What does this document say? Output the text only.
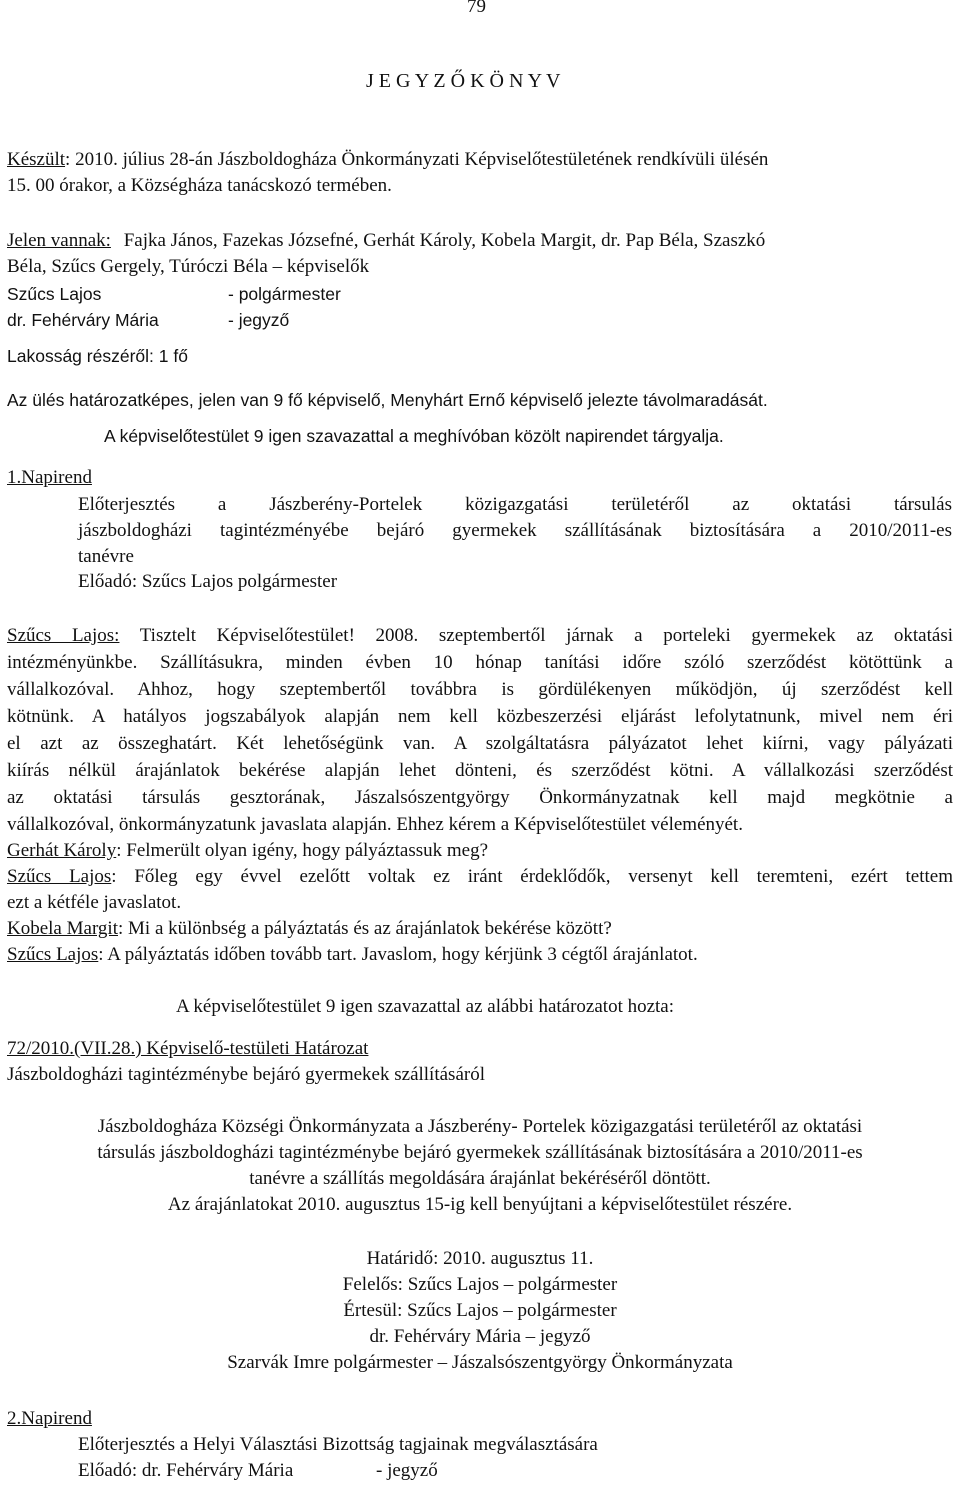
79
J E G Y Z Ő K Ö N Y V
Készült: 2010. július 28-án Jászboldogháza Önkormányzati Képviselőtestületének rendkívüli ülésén
15. 00 órakor, a Községháza tanácskozó termében.
Jelen vannak: Fajka János, Fazekas Józsefné, Gerhát Károly, Kobela Margit, dr. Pap Béla, Szaszkó
Béla, Szűcs Gergely, Túróczi Béla – képviselők
Szűcs Lajos	- polgármester
dr. Fehérváry Mária	- jegyző
Lakosság részéről: 1 fő
Az ülés határozatképes, jelen van 9 fő képviselő, Menyhárt Ernő képviselő jelezte távolmaradását.
A képviselőtestület 9 igen szavazattal a meghívóban közölt napirendet tárgyalja.
1.Napirend
Előterjesztés a Jászberény-Portelek közigazgatási területéről az oktatási társulás
jászboldogházi tagintézményébe bejáró gyermekek szállításának biztosítására a 2010/2011-es
tanévre
Előadó: Szűcs Lajos polgármester
Szűcs Lajos: Tisztelt Képviselőtestület! 2008. szeptembertől járnak a porteleki gyermekek az oktatási
intézményünkbe. Szállításukra, minden évben 10 hónap tanítási időre szóló szerződést kötöttünk a
vállalkozóval. Ahhoz, hogy szeptembertől továbbra is gördülékenyen működjön, új szerződést kell
kötnünk. A hatályos jogszabályok alapján nem kell közbeszerzési eljárást lefolytatnunk, mivel nem éri
el azt az összeghatárt. Két lehetőségünk van. A szolgáltatásra pályázatot lehet kiírni, vagy pályázati
kiírás nélkül árajánlatok bekérése alapján lehet dönteni, és szerződést kötni. A vállalkozási szerződést
az oktatási társulás gesztorának, Jászalsószentgyörgy Önkormányzatnak kell majd megkötnie a
vállalkozóval, önkormányzatunk javaslata alapján. Ehhez kérem a Képviselőtestület véleményét.
Gerhát Károly: Felmerült olyan igény, hogy pályáztassuk meg?
Szűcs Lajos: Főleg egy évvel ezelőtt voltak ez iránt érdeklődők, versenyt kell teremteni, ezért tettem
ezt a kétféle javaslatot.
Kobela Margit: Mi a különbség a pályáztatás és az árajánlatok bekérése között?
Szűcs Lajos: A pályáztatás időben tovább tart. Javaslom, hogy kérjünk 3 cégtől árajánlatot.
A képviselőtestület 9 igen szavazattal az alábbi határozatot hozta:
72/2010.(VII.28.) Képviselő-testületi Határozat
Jászboldogházi tagintézménybe bejáró gyermekek szállításáról
Jászboldogháza Községi Önkormányzata a Jászberény- Portelek közigazgatási területéről az oktatási
társulás jászboldogházi tagintézménybe bejáró gyermekek szállításának biztosítására a 2010/2011-es
tanévre a szállítás megoldására árajánlat bekéréséről döntött.
Az árajánlatokat 2010. augusztus 15-ig kell benyújtani a képviselőtestület részére.
Határidő: 2010. augusztus 11.
Felelős: Szűcs Lajos – polgármester
Értesül: Szűcs Lajos – polgármester
dr. Fehérváry Mária – jegyző
Szarvák Imre polgármester – Jászalsószentgyörgy Önkormányzata
2.Napirend
Előterjesztés a Helyi Választási Bizottság tagjainak megválasztására
Előadó: dr. Fehérváry Mária	- jegyző
